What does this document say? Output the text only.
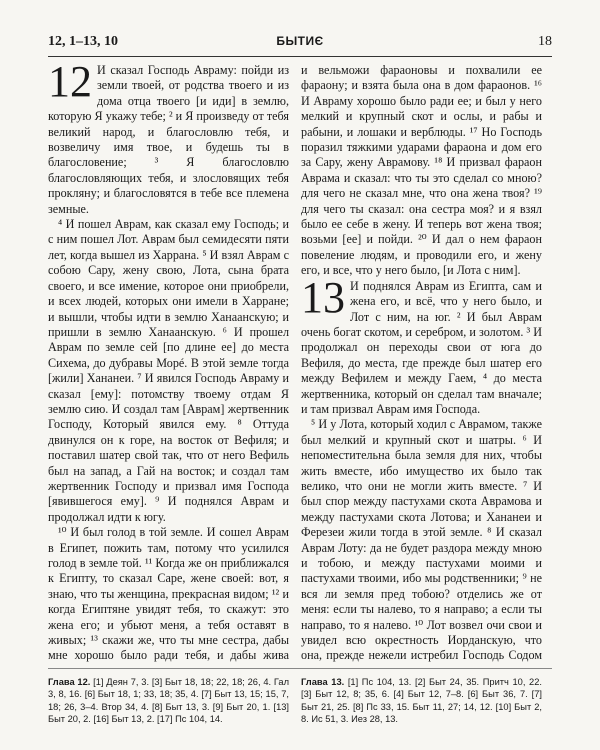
12, 1–13, 10	БЫТИЄ	18

12 И сказал Господь Авраму: пойди из земли твоей, от родства твоего и из дома отца твоего [и иди] в землю, которую Я укажу тебе; ² и Я произведу от тебя великий народ, и благословлю тебя, и возвеличу имя твое, и будешь ты в благословение; ³ Я благословлю благословляющих тебя, и злословящих тебя прокляну; и благословятся в тебе все племена земные.

⁴ И пошел Аврам, как сказал ему Господь; и с ним пошел Лот. Аврам был семидесяти пяти лет, когда вышел из Харрана. ⁵ И взял Аврам с собою Сару, жену свою, Лота, сына брата своего, и все имение, которое они приобрели, и всех людей, которых они имели в Харране; и вышли, чтобы идти в землю Ханаанскую; и пришли в землю Ханаанскую. ⁶ И прошел Аврам по земле сей [по длине ее] до места Сихема, до дубравы Морé. В этой земле тогда [жили] Хананеи. ⁷ И явился Господь Авраму и сказал [ему]: потомству твоему отдам Я землю сию. И создал там [Аврам] жертвенник Господу, Который явился ему. ⁸ Оттуда двинулся он к горе, на восток от Вефиля; и поставил шатер свой так, что от него Вефиль был на запад, а Гай на восток; и создал там жертвенник Господу и призвал имя Господа [явившегося ему]. ⁹ И поднялся Аврам и продолжал идти к югу.

¹⁰ И был голод в той земле. И сошел Аврам в Египет, пожить там, потому что усилился голод в земле той. ¹¹ Когда же он приближался к Египту, то сказал Саре, жене своей: вот, я знаю, что ты женщина, прекрасная видом; ¹² и когда Египтяне увидят тебя, то скажут: это жена его; и убьют меня, а тебя оставят в живых; ¹³ скажи же, что ты мне сестра, дабы мне хорошо было ради тебя, и дабы жива

и вельможи фараоновы и похвалили ее фараону; и взята была она в дом фараонов. ¹⁶ И Авраму хорошо было ради ее; и был у него мелкий и крупный скот и ослы, и рабы и рабыни, и лошаки и верблюды. ¹⁷ Но Господь поразил тяжкими ударами фараона и дом его за Сару, жену Аврамову. ¹⁸ И призвал фараон Аврама и сказал: что ты это сделал со мною? для чего не сказал мне, что она жена твоя? ¹⁹ для чего ты сказал: она сестра моя? и я взял было ее себе в жену. И теперь вот жена твоя; возьми [ее] и пойди. ²⁰ И дал о нем фараон повеление людям, и проводили его, и жену его, и все, что у него было, [и Лота с ним].

13 И поднялся Аврам из Египта, сам и жена его, и всё, что у него было, и Лот с ним, на юг. ² И был Аврам очень богат скотом, и серебром, и золотом. ³ И продолжал он переходы свои от юга до Вефиля, до места, где прежде был шатер его между Вефилем и между Гаем, ⁴ до места жертвенника, который он сделал там вначале; и там призвал Аврам имя Господа.

⁵ И у Лота, который ходил с Аврамом, также был мелкий и крупный скот и шатры. ⁶ И непоместительна была земля для них, чтобы жить вместе, ибо имущество их было так велико, что они не могли жить вместе. ⁷ И был спор между пастухами скота Аврамова и между пастухами скота Лотова; и Хананеи и Ферезеи жили тогда в этой земле. ⁸ И сказал Аврам Лоту: да не будет раздора между мною и тобою, и между пастухами моими и пастухами твоими, ибо мы родственники; ⁹ не вся ли земля пред тобою? отделись же от меня: если ты налево, то я направо; а если ты направо, то я налево. ¹⁰ Лот возвел очи свои и увидел всю окрестность Иорданскую, что она, прежде нежели истребил Господь Содом

Глава 12. [1] Деян 7, 3. [3] Быт 18, 18; 22, 18; 26, 4. Гал 3, 8, 16. [6] Быт 18, 1; 33, 18; 35, 4. [7] Быт 13, 15; 15, 7, 18; 26, 3–4. Втор 34, 4. [8] Быт 13, 3. [9] Быт 20, 1. [13] Быт 20, 2. [16] Быт 13, 2. [17] Пс 104, 14.
Глава 13. [1] Пс 104, 13. [2] Быт 24, 35. Притч 10, 22. [3] Быт 12, 8; 35, 6. [4] Быт 12, 7–8. [6] Быт 36, 7. [7] Быт 21, 25. [8] Пс 33, 15. Быт 11, 27; 14, 12. [10] Быт 2, 8. Ис 51, 3. Иез 28, 13.
